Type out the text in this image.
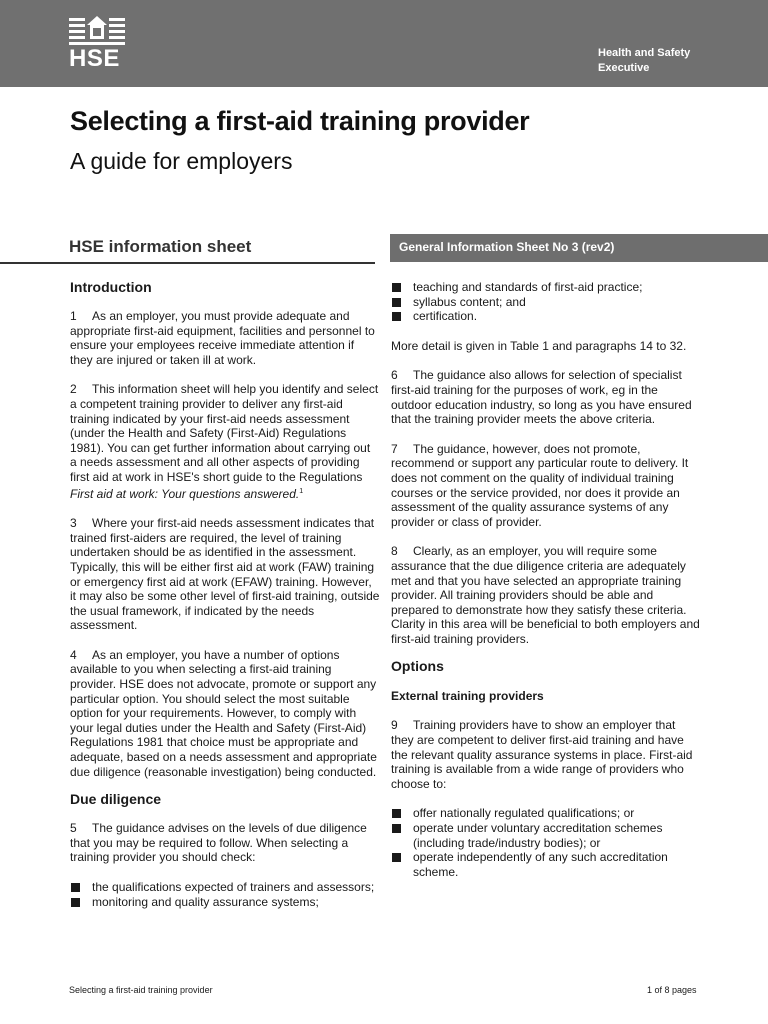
HSE	Health and Safety
Executive
Selecting a first-aid training provider
A guide for employers
HSE information sheet	General Information Sheet No 3 (rev2)
Introduction

1 As an employer, you must provide adequate and appropriate first-aid equipment, facilities and personnel to ensure your employees receive immediate attention if they are injured or taken ill at work.

2 This information sheet will help you identify and select a competent training provider to deliver any first-aid training indicated by your first-aid needs assessment (under the Health and Safety (First-Aid) Regulations 1981). You can get further information about carrying out a needs assessment and all other aspects of providing first aid at work in HSE's short guide to the Regulations First aid at work: Your questions answered.$^1$

3 Where your first-aid needs assessment indicates that trained first-aiders are required, the level of training undertaken should be as identified in the assessment. Typically, this will be either first aid at work (FAW) training or emergency first aid at work (EFAW) training. However, it may also be some other level of first-aid training, outside the usual framework, if indicated by the needs assessment.

4 As an employer, you have a number of options available to you when selecting a first-aid training provider. HSE does not advocate, promote or support any particular option. You should select the most suitable option for your requirements. However, to comply with your legal duties under the Health and Safety (First-Aid) Regulations 1981 that choice must be appropriate and adequate, based on a needs assessment and appropriate due diligence (reasonable investigation) being conducted.

Due diligence

5 The guidance advises on the levels of due diligence that you may be required to follow. When selecting a training provider you should check:

the qualifications expected of trainers and assessors;
monitoring and quality assurance systems;
teaching and standards of first-aid practice;
syllabus content; and
certification.

More detail is given in Table 1 and paragraphs 14 to 32.

6 The guidance also allows for selection of specialist first-aid training for the purposes of work, eg in the outdoor education industry, so long as you have ensured that the training provider meets the above criteria.

7 The guidance, however, does not promote, recommend or support any particular route to delivery. It does not comment on the quality of individual training courses or the service provided, nor does it provide an assessment of the quality assurance systems of any provider or class of provider.

8 Clearly, as an employer, you will require some assurance that the due diligence criteria are adequately met and that you have selected an appropriate training provider. All training providers should be able and prepared to demonstrate how they satisfy these criteria. Clarity in this area will be beneficial to both employers and first-aid training providers.

Options
External training providers

9 Training providers have to show an employer that they are competent to deliver first-aid training and have the relevant quality assurance systems in place. First-aid training is available from a wide range of providers who choose to:

offer nationally regulated qualifications; or
operate under voluntary accreditation schemes (including trade/industry bodies); or
operate independently of any such accreditation scheme.
Selecting a first-aid training provider	1 of 8 pages
